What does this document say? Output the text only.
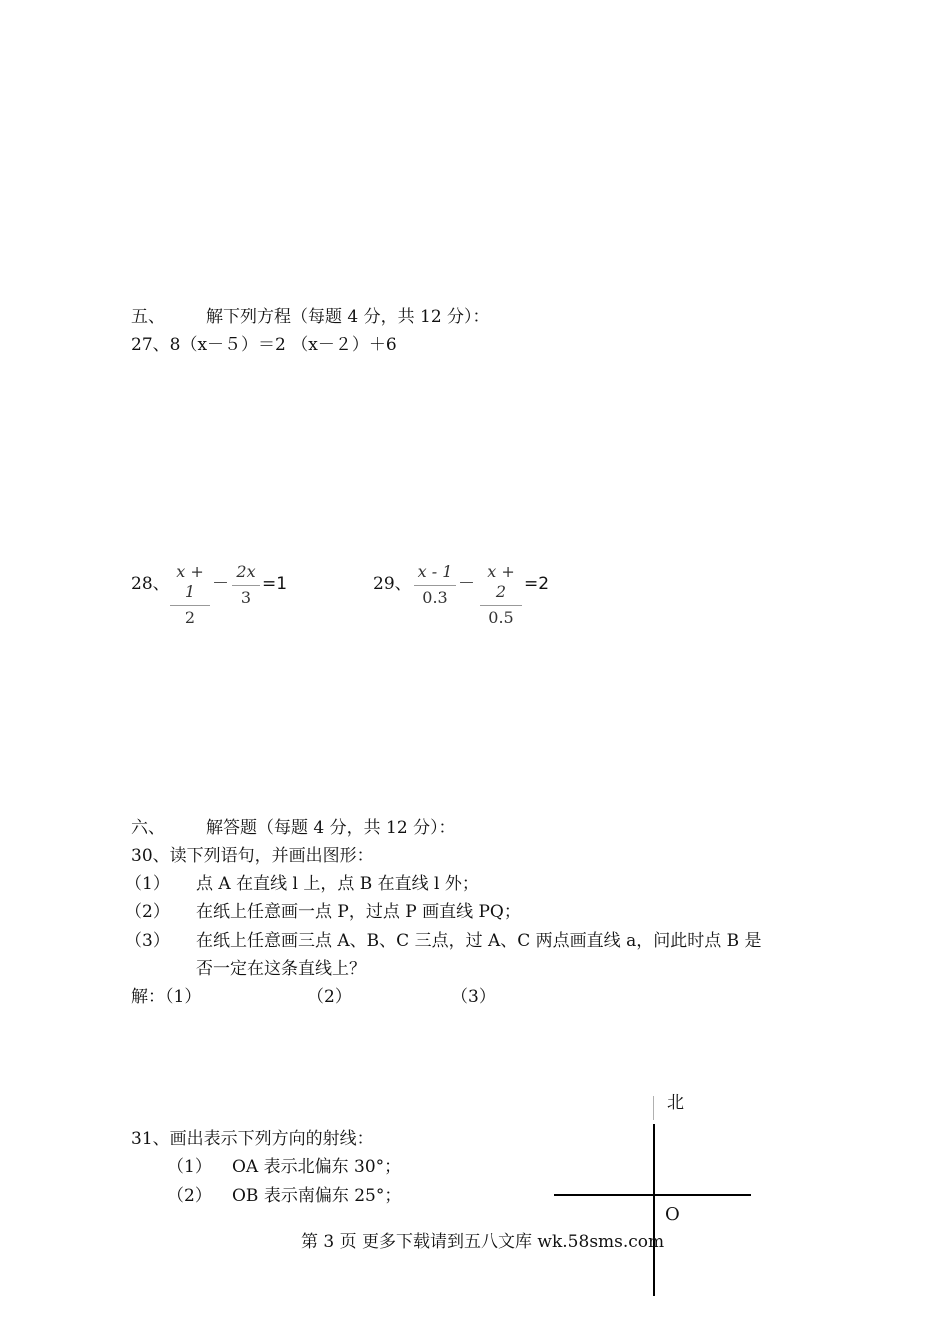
五、 解下列方程（每题 4 分，共 12 分）：
27、8（x－５）＝2 （x－２）＋6
28、
x + 1
2
－
2x
3
=1	29、
x - 1
0.3
－
x + 2
0.5
=2
六、 解答题（每题 4 分，共 12 分）：
30、读下列语句，并画出图形：
（1） 点 A 在直线 l 上，点 B 在直线 l 外；
（2） 在纸上任意画一点 P，过点 P 画直线 PQ；
（3） 在纸上任意画三点 A、B、C 三点，过 A、C 两点画直线 a，问此时点 B 是
否一定在这条直线上？
解：（1）	（2）	（3）
31、画出表示下列方向的射线：
（1） OA 表示北偏东 30°；
（2） OB 表示南偏东 25°；
北
O
第 3 页 更多下载请到五八文库 wk.58sms.com
